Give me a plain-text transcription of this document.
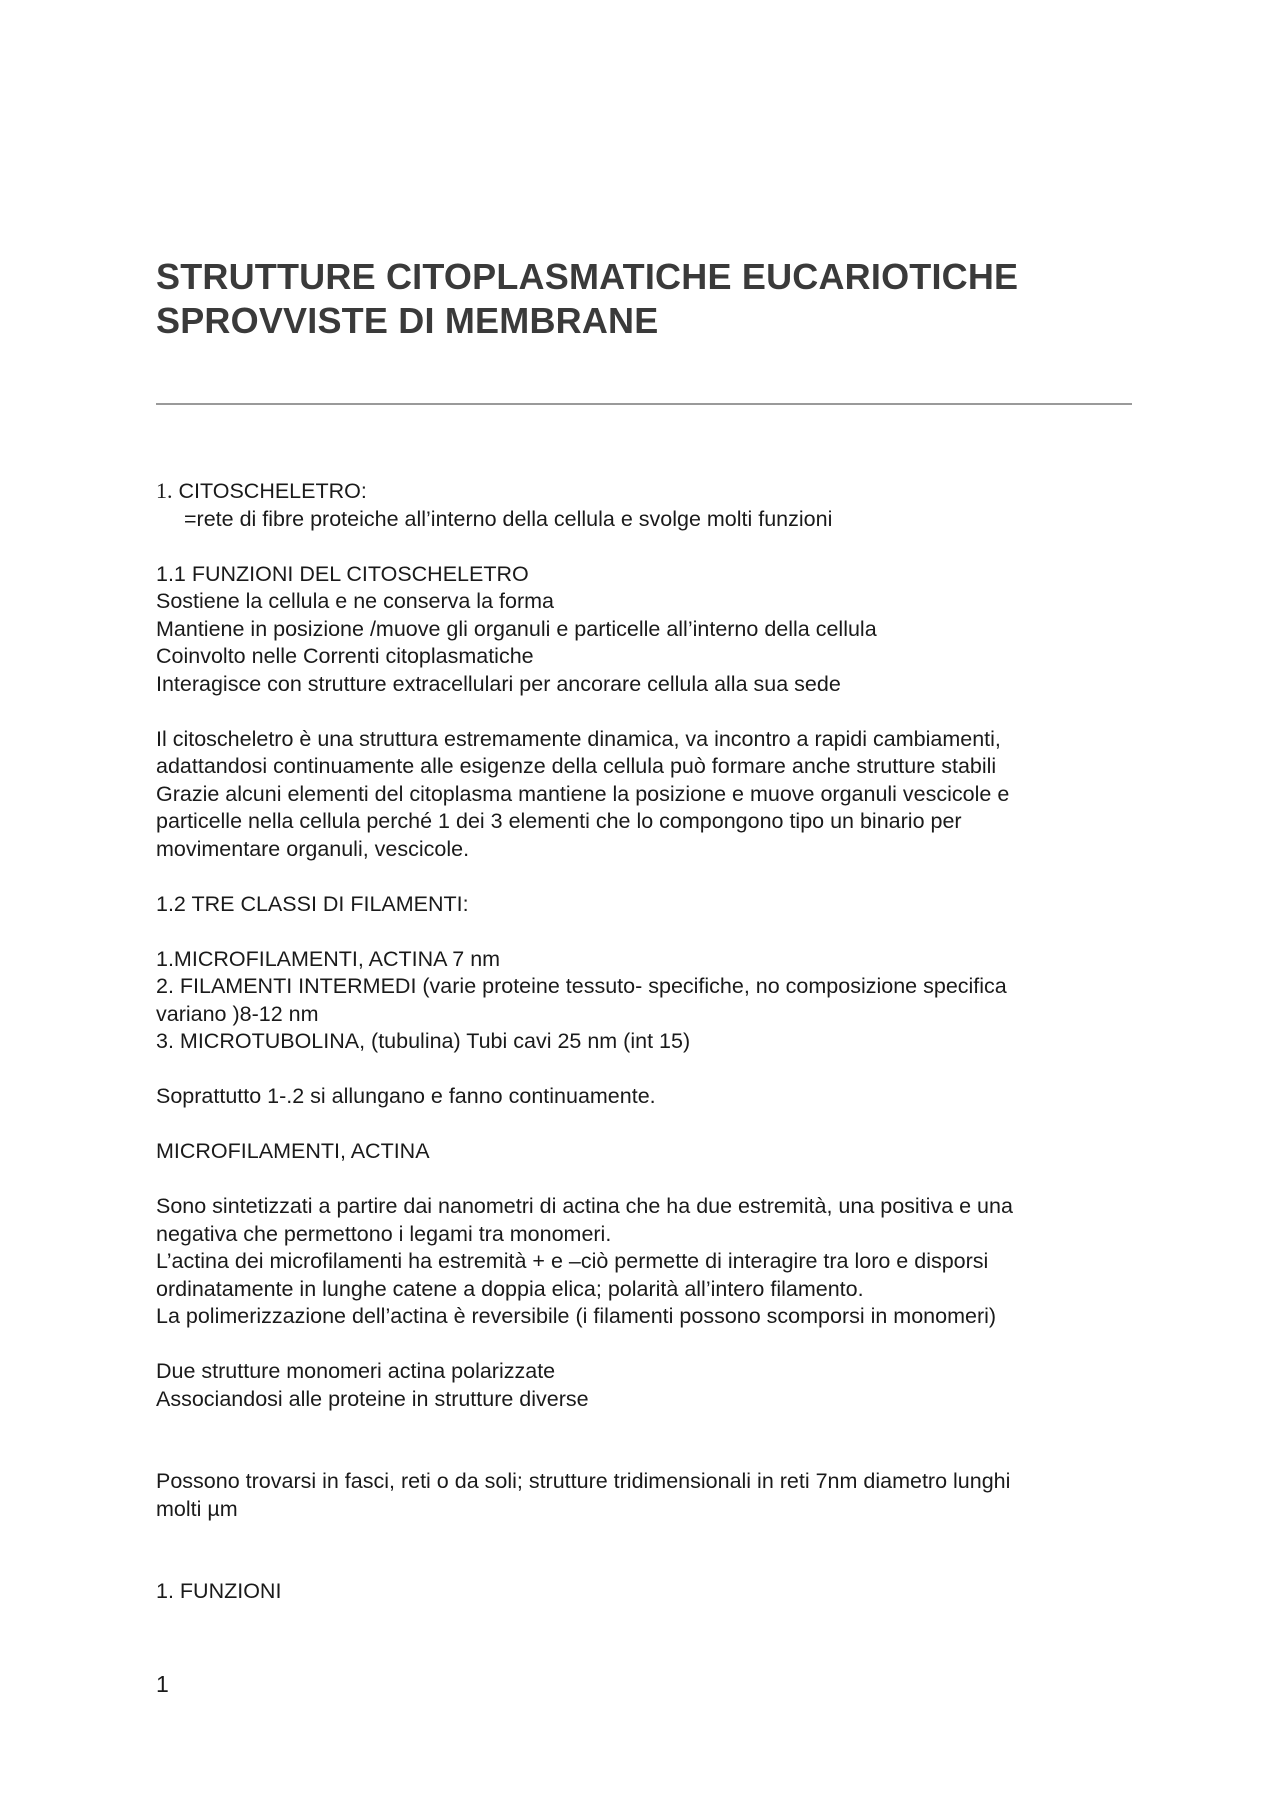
STRUTTURE CITOPLASMATICHE EUCARIOTICHE
SPROVVISTE DI MEMBRANE
1. CITOSCHELETRO:
=rete di fibre proteiche all’interno della cellula e svolge molti funzioni
1.1 FUNZIONI DEL CITOSCHELETRO
Sostiene la cellula e ne conserva la forma
Mantiene in posizione /muove gli organuli e particelle all’interno della cellula
Coinvolto nelle Correnti citoplasmatiche
Interagisce con strutture extracellulari per ancorare cellula alla sua sede
Il citoscheletro è una struttura estremamente dinamica, va incontro a rapidi cambiamenti,
adattandosi continuamente alle esigenze della cellula può formare anche strutture stabili
Grazie alcuni elementi del citoplasma mantiene la posizione e muove organuli vescicole e
particelle nella cellula perché 1 dei 3 elementi che lo compongono tipo un binario per
movimentare organuli, vescicole.
1.2 TRE CLASSI DI FILAMENTI:
1.MICROFILAMENTI, ACTINA 7 nm
2. FILAMENTI INTERMEDI (varie proteine tessuto- specifiche, no composizione specifica
variano )8-12 nm
3. MICROTUBOLINA, (tubulina) Tubi cavi 25 nm (int 15)
Soprattutto 1-.2 si allungano e fanno continuamente.
MICROFILAMENTI, ACTINA
Sono sintetizzati a partire dai nanometri di actina che ha due estremità, una positiva e una
negativa che permettono i legami tra monomeri.
L’actina dei microfilamenti ha estremità + e –ciò permette di interagire tra loro e disporsi
ordinatamente in lunghe catene a doppia elica; polarità all’intero filamento.
La polimerizzazione dell’actina è reversibile (i filamenti possono scomporsi in monomeri)
Due strutture monomeri actina polarizzate
Associandosi alle proteine in strutture diverse
Possono trovarsi in fasci, reti o da soli; strutture tridimensionali in reti 7nm diametro lunghi
molti µm
1. FUNZIONI
1
